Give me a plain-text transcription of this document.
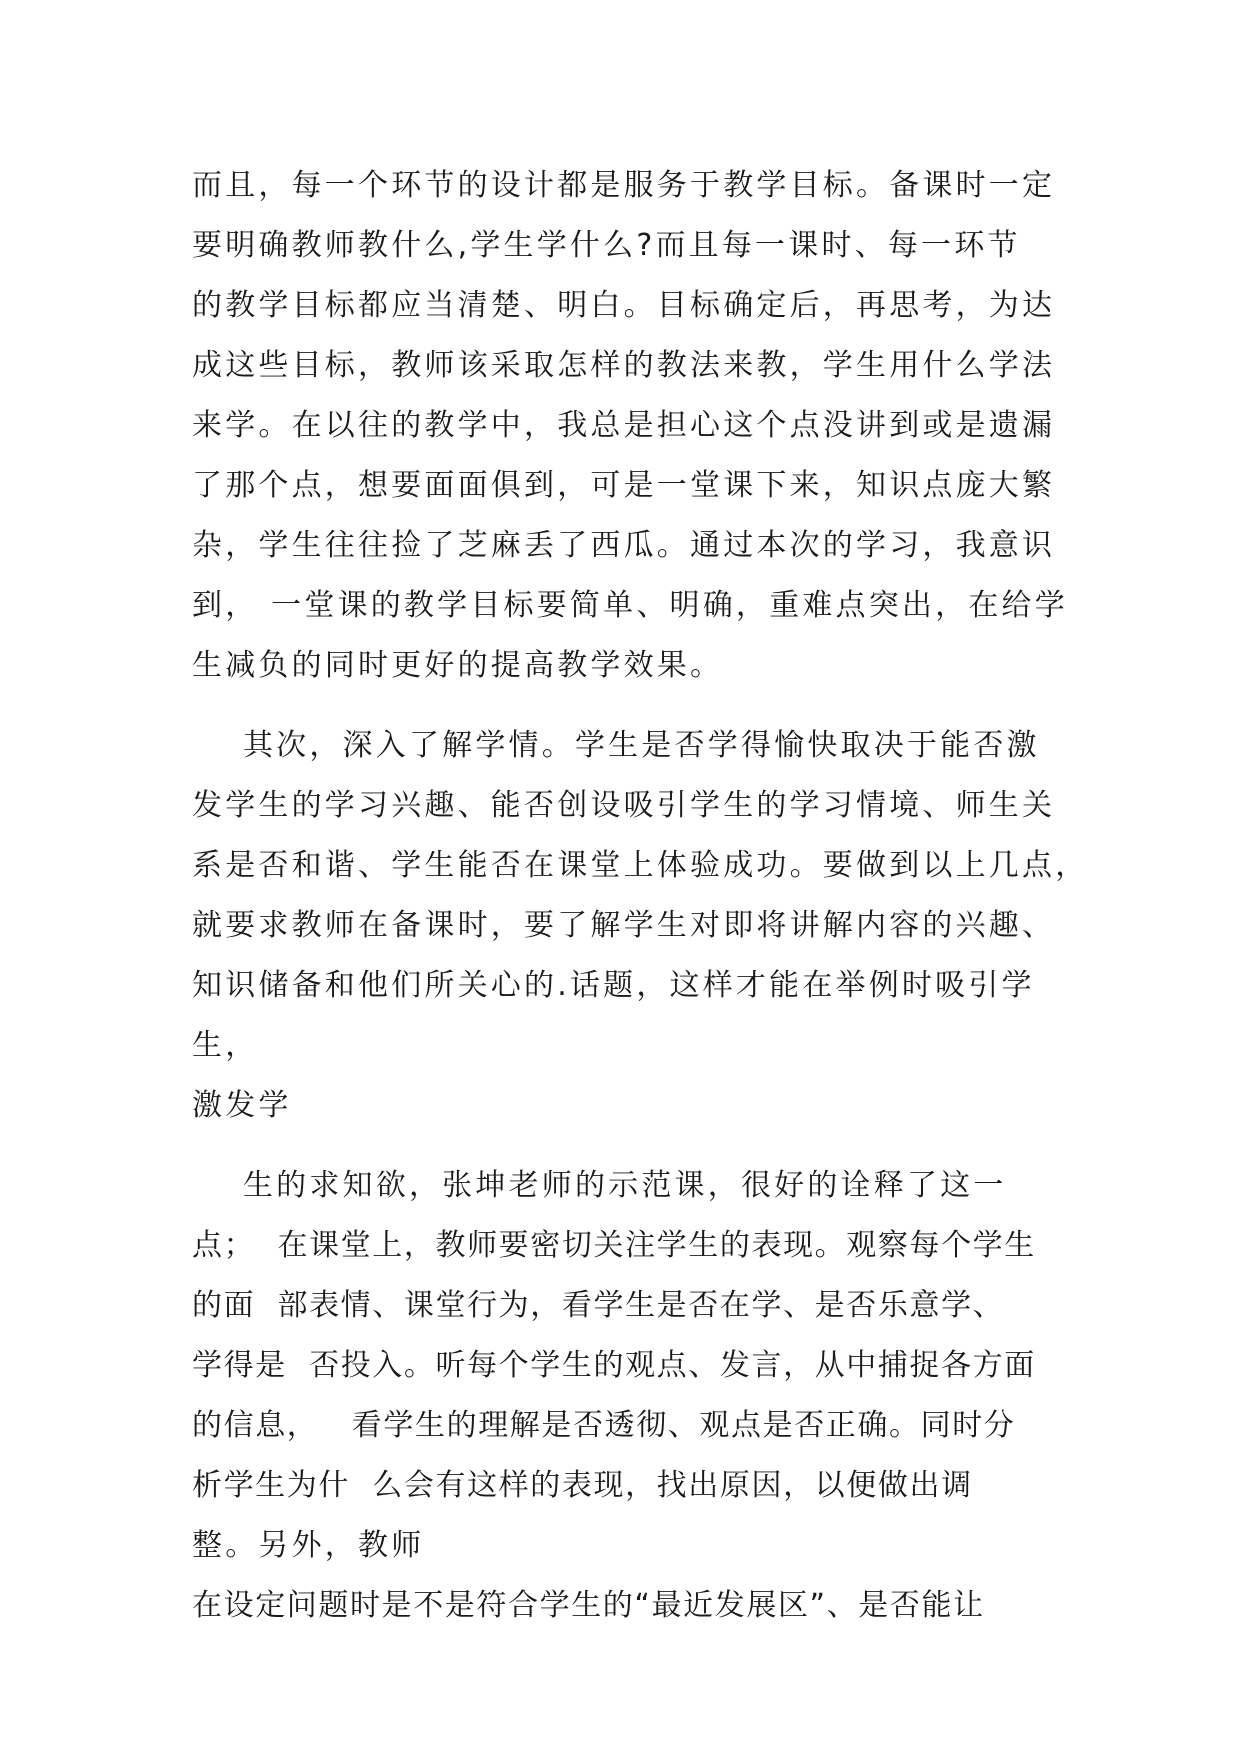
而且，每一个环节的设计都是服务于教学目标。备课时一定
要明确教师教什么,学生学什么?而且每一课时、每一环节
的教学目标都应当清楚、明白。目标确定后，再思考，为达
成这些目标，教师该采取怎样的教法来教，学生用什么学法
来学。在以往的教学中，我总是担心这个点没讲到或是遗漏
了那个点，想要面面俱到，可是一堂课下来，知识点庞大繁
杂，学生往往捡了芝麻丢了西瓜。通过本次的学习，我意识
到， 一堂课的教学目标要简单、明确，重难点突出，在给学
生减负的同时更好的提高教学效果。
其次，深入了解学情。学生是否学得愉快取决于能否激
发学生的学习兴趣、能否创设吸引学生的学习情境、师生关
系是否和谐、学生能否在课堂上体验成功。要做到以上几点，
就要求教师在备课时，要了解学生对即将讲解内容的兴趣、
知识储备和他们所关心的.话题，这样才能在举例时吸引学
生，
激发学
生的求知欲，张坤老师的示范课，很好的诠释了这一
点；  在课堂上，教师要密切关注学生的表现。观察每个学生
的面  部表情、课堂行为，看学生是否在学、是否乐意学、
学得是  否投入。听每个学生的观点、发言，从中捕捉各方面
的信息，   看学生的理解是否透彻、观点是否正确。同时分
析学生为什  么会有这样的表现，找出原因，以便做出调
整。另外，教师
在设定问题时是不是符合学生的“最近发展区”、是否能让
